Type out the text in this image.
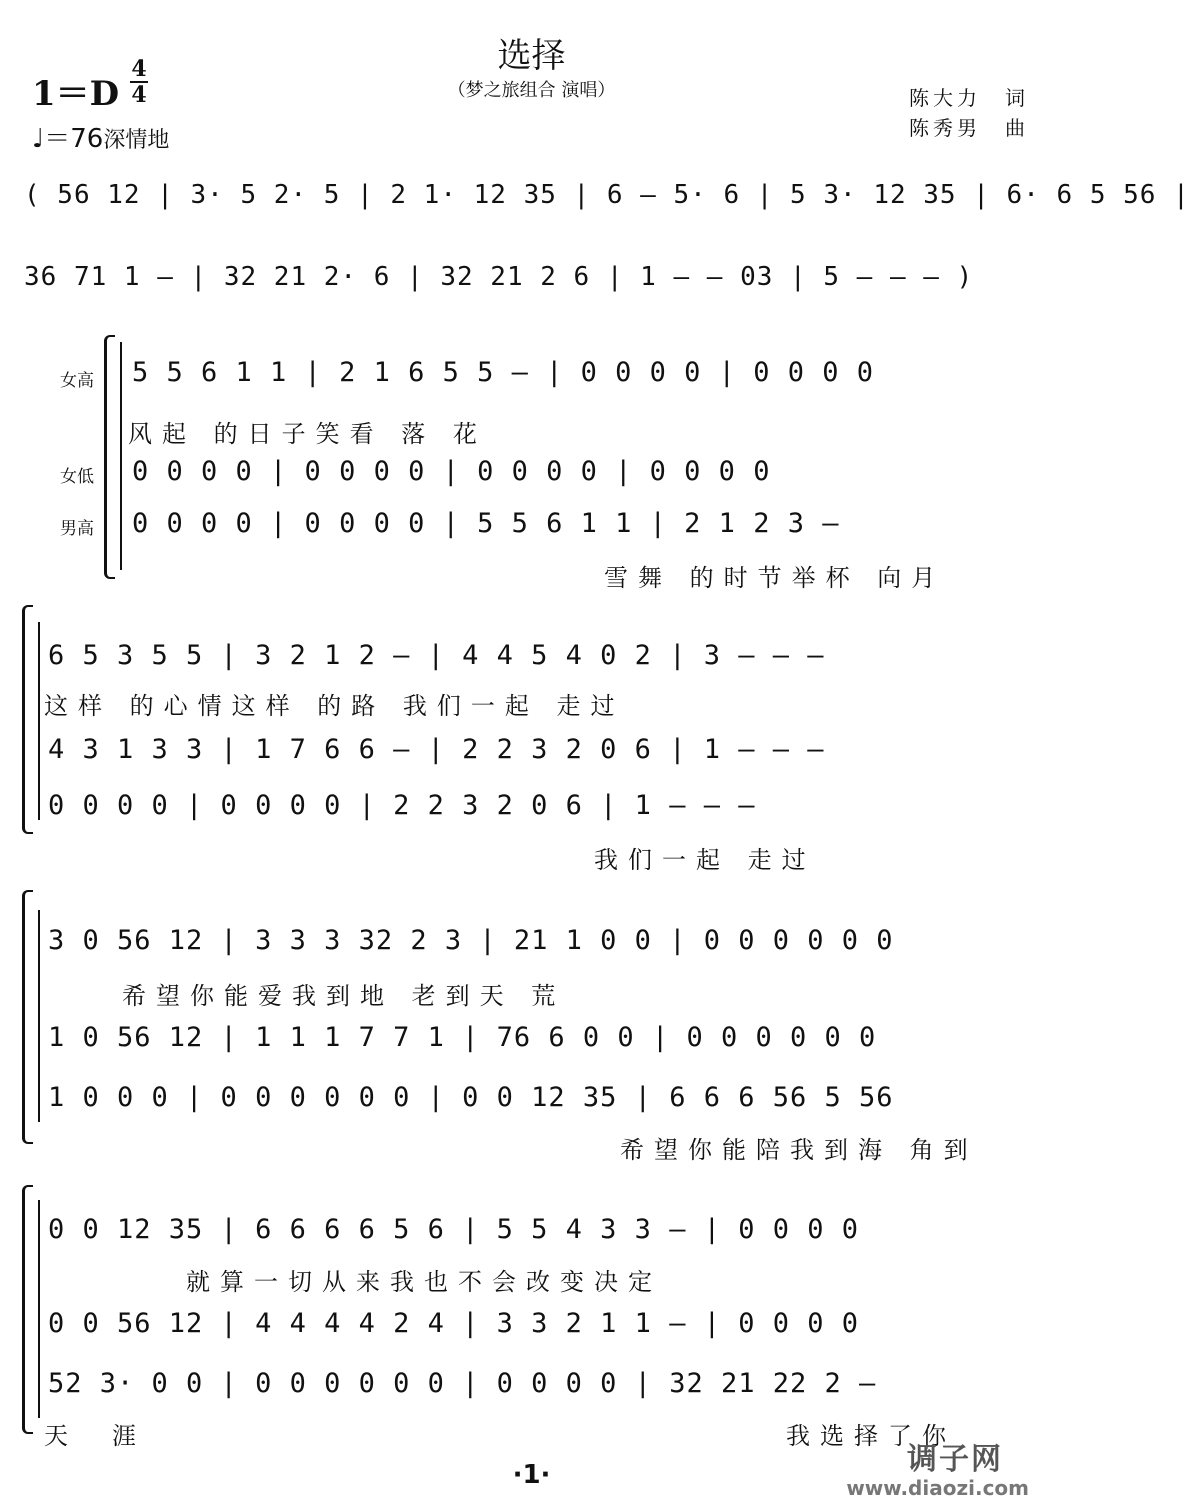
选择
（梦之旅组合 演唱）
1＝D
4
4
♩＝76深情地
陈大力　词
陈秀男　曲
( 56 12 | 3· 5 2· 5 | 2 1· 12 35 | 6 – 5· 6 | 5 3· 12 35 | 6· 6 5 56 |
36 71 1 – | 32 21 2· 6 | 32 21 2 6 | 1 – – 03 | 5 – – – )
女高
女低
男高
5 5 6 1 1 | 2 1 6 5 5 – | 0 0 0 0 | 0 0 0 0
风起 的日子笑看 落 花
0 0 0 0 | 0 0 0 0 | 0 0 0 0 | 0 0 0 0
0 0 0 0 | 0 0 0 0 | 5 5 6 1 1 | 2 1 2 3 –
雪舞 的时节举杯 向月
6 5 3 5 5 | 3 2 1 2 – | 4 4 5 4 0 2 | 3 – – –
这样 的心情这样 的路 我们一起 走过
4 3 1 3 3 | 1 7 6 6 – | 2 2 3 2 0 6 | 1 – – –
0 0 0 0 | 0 0 0 0 | 2 2 3 2 0 6 | 1 – – –
我们一起 走过
3 0 56 12 | 3 3 3 32 2 3 | 21 1 0 0 | 0 0 0 0 0 0
希望你能爱我到地 老到天 荒
1 0 56 12 | 1 1 1 7 7 1 | 76 6 0 0 | 0 0 0 0 0 0
1 0 0 0 | 0 0 0 0 0 0 | 0 0 12 35 | 6 6 6 56 5 56
希望你能陪我到海 角到
0 0 12 35 | 6 6 6 6 5 6 | 5 5 4 3 3 – | 0 0 0 0
就算一切从来我也不会改变决定
0 0 56 12 | 4 4 4 4 2 4 | 3 3 2 1 1 – | 0 0 0 0
52 3· 0 0 | 0 0 0 0 0 0 | 0 0 0 0 | 32 21 22 2 –
天　涯	我选择了你
·1·	调子网
www.diaozi.com
